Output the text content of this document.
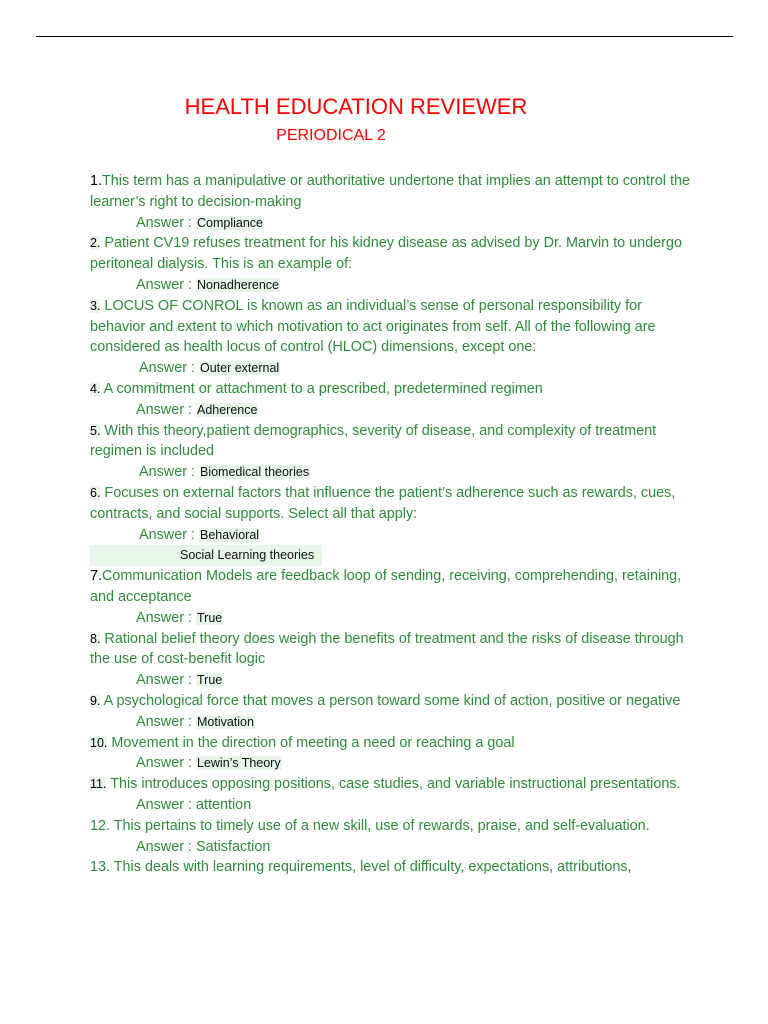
HEALTH EDUCATION REVIEWER
PERIODICAL 2

1.This term has a manipulative or authoritative undertone that implies an attempt to control the learner’s right to decision-making

Answer : Compliance

2. Patient CV19 refuses treatment for his kidney disease as advised by Dr. Marvin to undergo peritoneal dialysis. This is an example of:

Answer : Nonadherence

3. LOCUS OF CONROL is known as an individual’s sense of personal responsibility for behavior and extent to which motivation to act originates from self. All of the following are considered as health locus of control (HLOC) dimensions, except one:

Answer : Outer external

4. A commitment or attachment to a prescribed, predetermined regimen

Answer : Adherence

5. With this theory,patient demographics, severity of disease, and complexity of treatment regimen is included

Answer : Biomedical theories

6. Focuses on external factors that influence the patient’s adherence such as rewards, cues, contracts, and social supports. Select all that apply:

Answer : Behavioral

Social Learning theories

7.Communication Models are feedback loop of sending, receiving, comprehending, retaining, and acceptance

Answer : True

8. Rational belief theory does weigh the benefits of treatment and the risks of disease through the use of cost-benefit logic

Answer : True

9. A psychological force that moves a person toward some kind of action, positive or negative

Answer : Motivation

10. Movement in the direction of meeting a need or reaching a goal

Answer : Lewin’s Theory

11. This introduces opposing positions, case studies, and variable instructional presentations.

Answer : attention

12. This pertains to timely use of a new skill, use of rewards, praise, and self-evaluation.

Answer : Satisfaction

13. This deals with learning requirements, level of difficulty, expectations, attributions,
